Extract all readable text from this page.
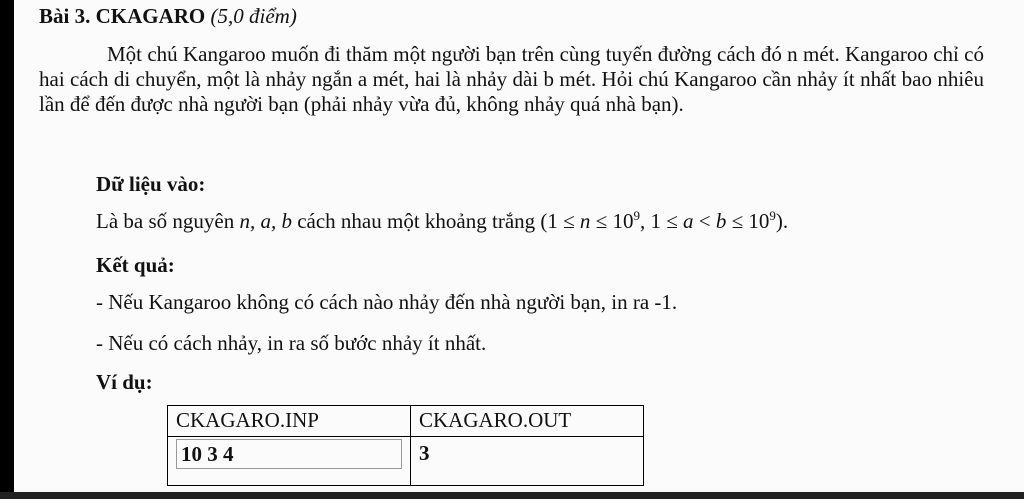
Bài 3. CKAGARO (5,0 điểm)
Một chú Kangaroo muốn đi thăm một người bạn trên cùng tuyến đường cách đó n mét. Kangaroo chỉ có hai cách di chuyển, một là nhảy ngắn a mét, hai là nhảy dài b mét. Hỏi chú Kangaroo cần nhảy ít nhất bao nhiêu lần để đến được nhà người bạn (phải nhảy vừa đủ, không nhảy quá nhà bạn).
Dữ liệu vào:
Là ba số nguyên n, a, b cách nhau một khoảng trắng ($1 \le n \le 10^9$, $1 \le a < b \le 10^9$).
Kết quả:
- Nếu Kangaroo không có cách nào nhảy đến nhà người bạn, in ra -1.
- Nếu có cách nhảy, in ra số bước nhảy ít nhất.
Ví dụ:
CKAGARO.INP	CKAGARO.OUT

10 3 4	3
